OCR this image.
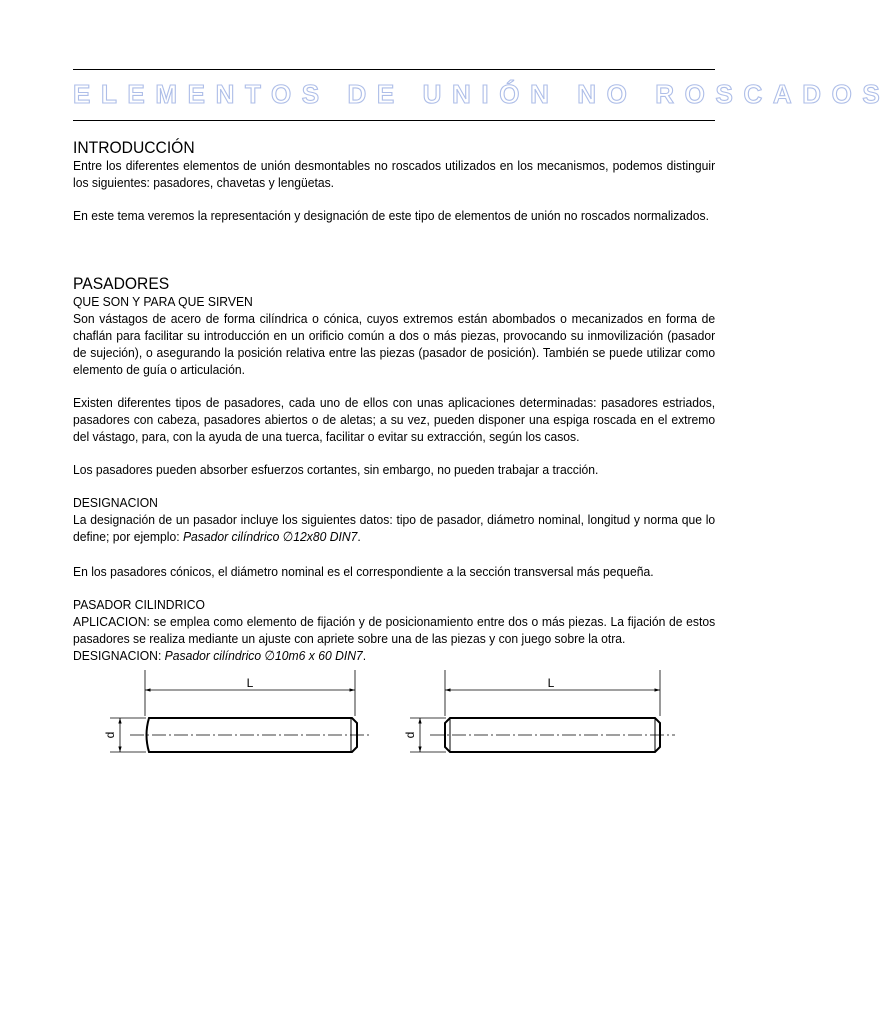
ELEMENTOS DE UNIÓN NO ROSCADOS
INTRODUCCIÓN

Entre los diferentes elementos de unión desmontables no roscados utilizados en los mecanismos, podemos distinguir los siguientes: pasadores, chavetas y lengüetas.

En este tema veremos la representación y designación de este tipo de elementos de unión no roscados normalizados.

PASADORES
QUE SON Y PARA QUE SIRVEN

Son vástagos de acero de forma cilíndrica o cónica, cuyos extremos están abombados o mecanizados en forma de chaflán para facilitar su introducción en un orificio común a dos o más piezas, provocando su inmovilización (pasador de sujeción), o asegurando la posición relativa entre las piezas (pasador de posición). También se puede utilizar como elemento de guía o articulación.

Existen diferentes tipos de pasadores, cada uno de ellos con unas aplicaciones determinadas: pasadores estriados, pasadores con cabeza, pasadores abiertos o de aletas; a su vez, pueden disponer una espiga roscada en el extremo del vástago, para, con la ayuda de una tuerca, facilitar o evitar su extracción, según los casos.

Los pasadores pueden absorber esfuerzos cortantes, sin embargo, no pueden trabajar a tracción.

DESIGNACION

La designación de un pasador incluye los siguientes datos: tipo de pasador, diámetro nominal, longitud y norma que lo define; por ejemplo: Pasador cilíndrico ∅12x80 DIN7.

En los pasadores cónicos, el diámetro nominal es el correspondiente a la sección transversal más pequeña.

PASADOR CILINDRICO

APLICACION: se emplea como elemento de fijación y de posicionamiento entre dos o más piezas. La fijación de estos pasadores se realiza mediante un ajuste con apriete sobre una de las piezas y con juego sobre la otra.

DESIGNACION: Pasador cilíndrico ∅10m6 x 60 DIN7.
L
d
L
d
